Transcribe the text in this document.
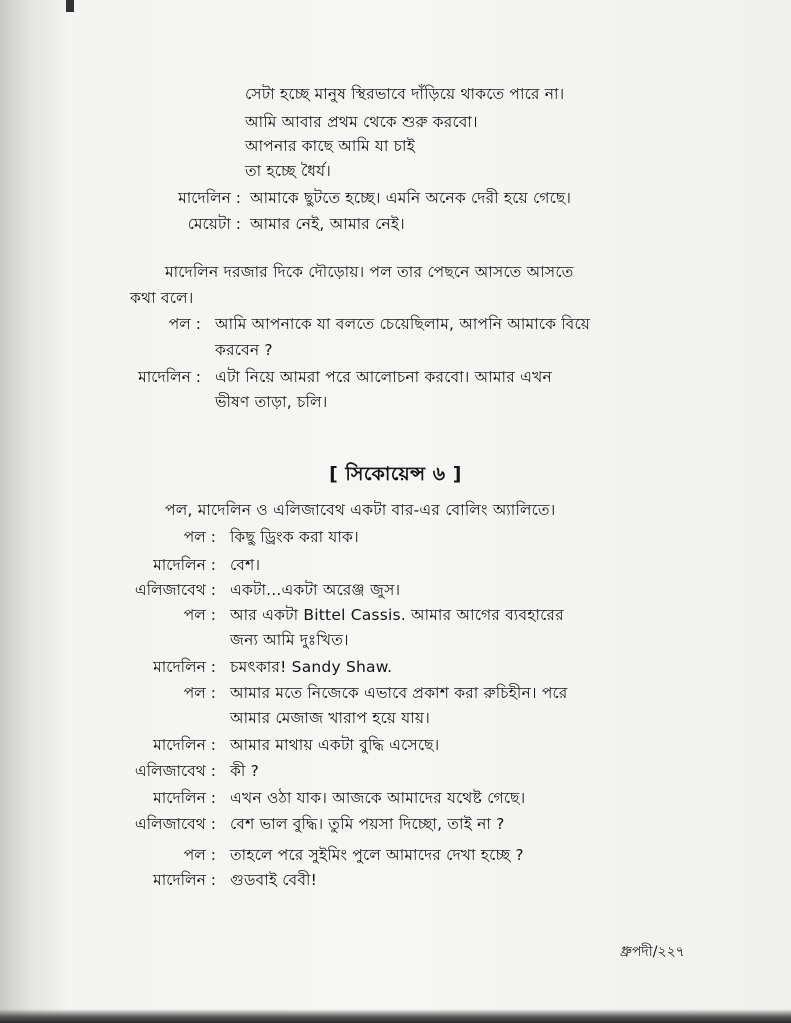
সেটা হচ্ছে মানুষ স্থিরভাবে দাঁড়িয়ে থাকতে পারে না।
আমি আবার প্রথম থেকে শুরু করবো।
আপনার কাছে আমি যা চাই
তা হচ্ছে ধৈর্য।
মাদেলিন : আমাকে ছুটতে হচ্ছে। এমনি অনেক দেরী হয়ে গেছে।
মেয়েটা : আমার নেই, আমার নেই।
মাদেলিন দরজার দিকে দৌড়োয়। পল তার পেছনে আসতে আসতে
কথা বলে।
পল : আমি আপনাকে যা বলতে চেয়েছিলাম, আপনি আমাকে বিয়ে
করবেন ?
মাদেলিন : এটা নিয়ে আমরা পরে আলোচনা করবো। আমার এখন
ভীষণ তাড়া, চলি।
[ সিকোয়েন্স ৬ ]
পল, মাদেলিন ও এলিজাবেথ একটা বার-এর বোলিং অ্যালিতে।
পল : কিছু ড্রিংক করা যাক।
মাদেলিন : বেশ।
এলিজাবেথ : একটা...একটা অরেঞ্জ জুস।
পল : আর একটা Bittel Cassis. আমার আগের ব্যবহারের
জন্য আমি দুঃখিত।
মাদেলিন : চমৎকার! Sandy Shaw.
পল : আমার মতে নিজেকে এভাবে প্রকাশ করা রুচিহীন। পরে
আমার মেজাজ খারাপ হয়ে যায়।
মাদেলিন : আমার মাথায় একটা বুদ্ধি এসেছে।
এলিজাবেথ : কী ?
মাদেলিন : এখন ওঠা যাক। আজকে আমাদের যথেষ্ট গেছে।
এলিজাবেথ : বেশ ভাল বুদ্ধি। তুমি পয়সা দিচ্ছো, তাই না ?
পল : তাহলে পরে সুইমিং পুলে আমাদের দেখা হচ্ছে ?
মাদেলিন : গুডবাই বেবী!
ধ্রুপদী/২২৭
